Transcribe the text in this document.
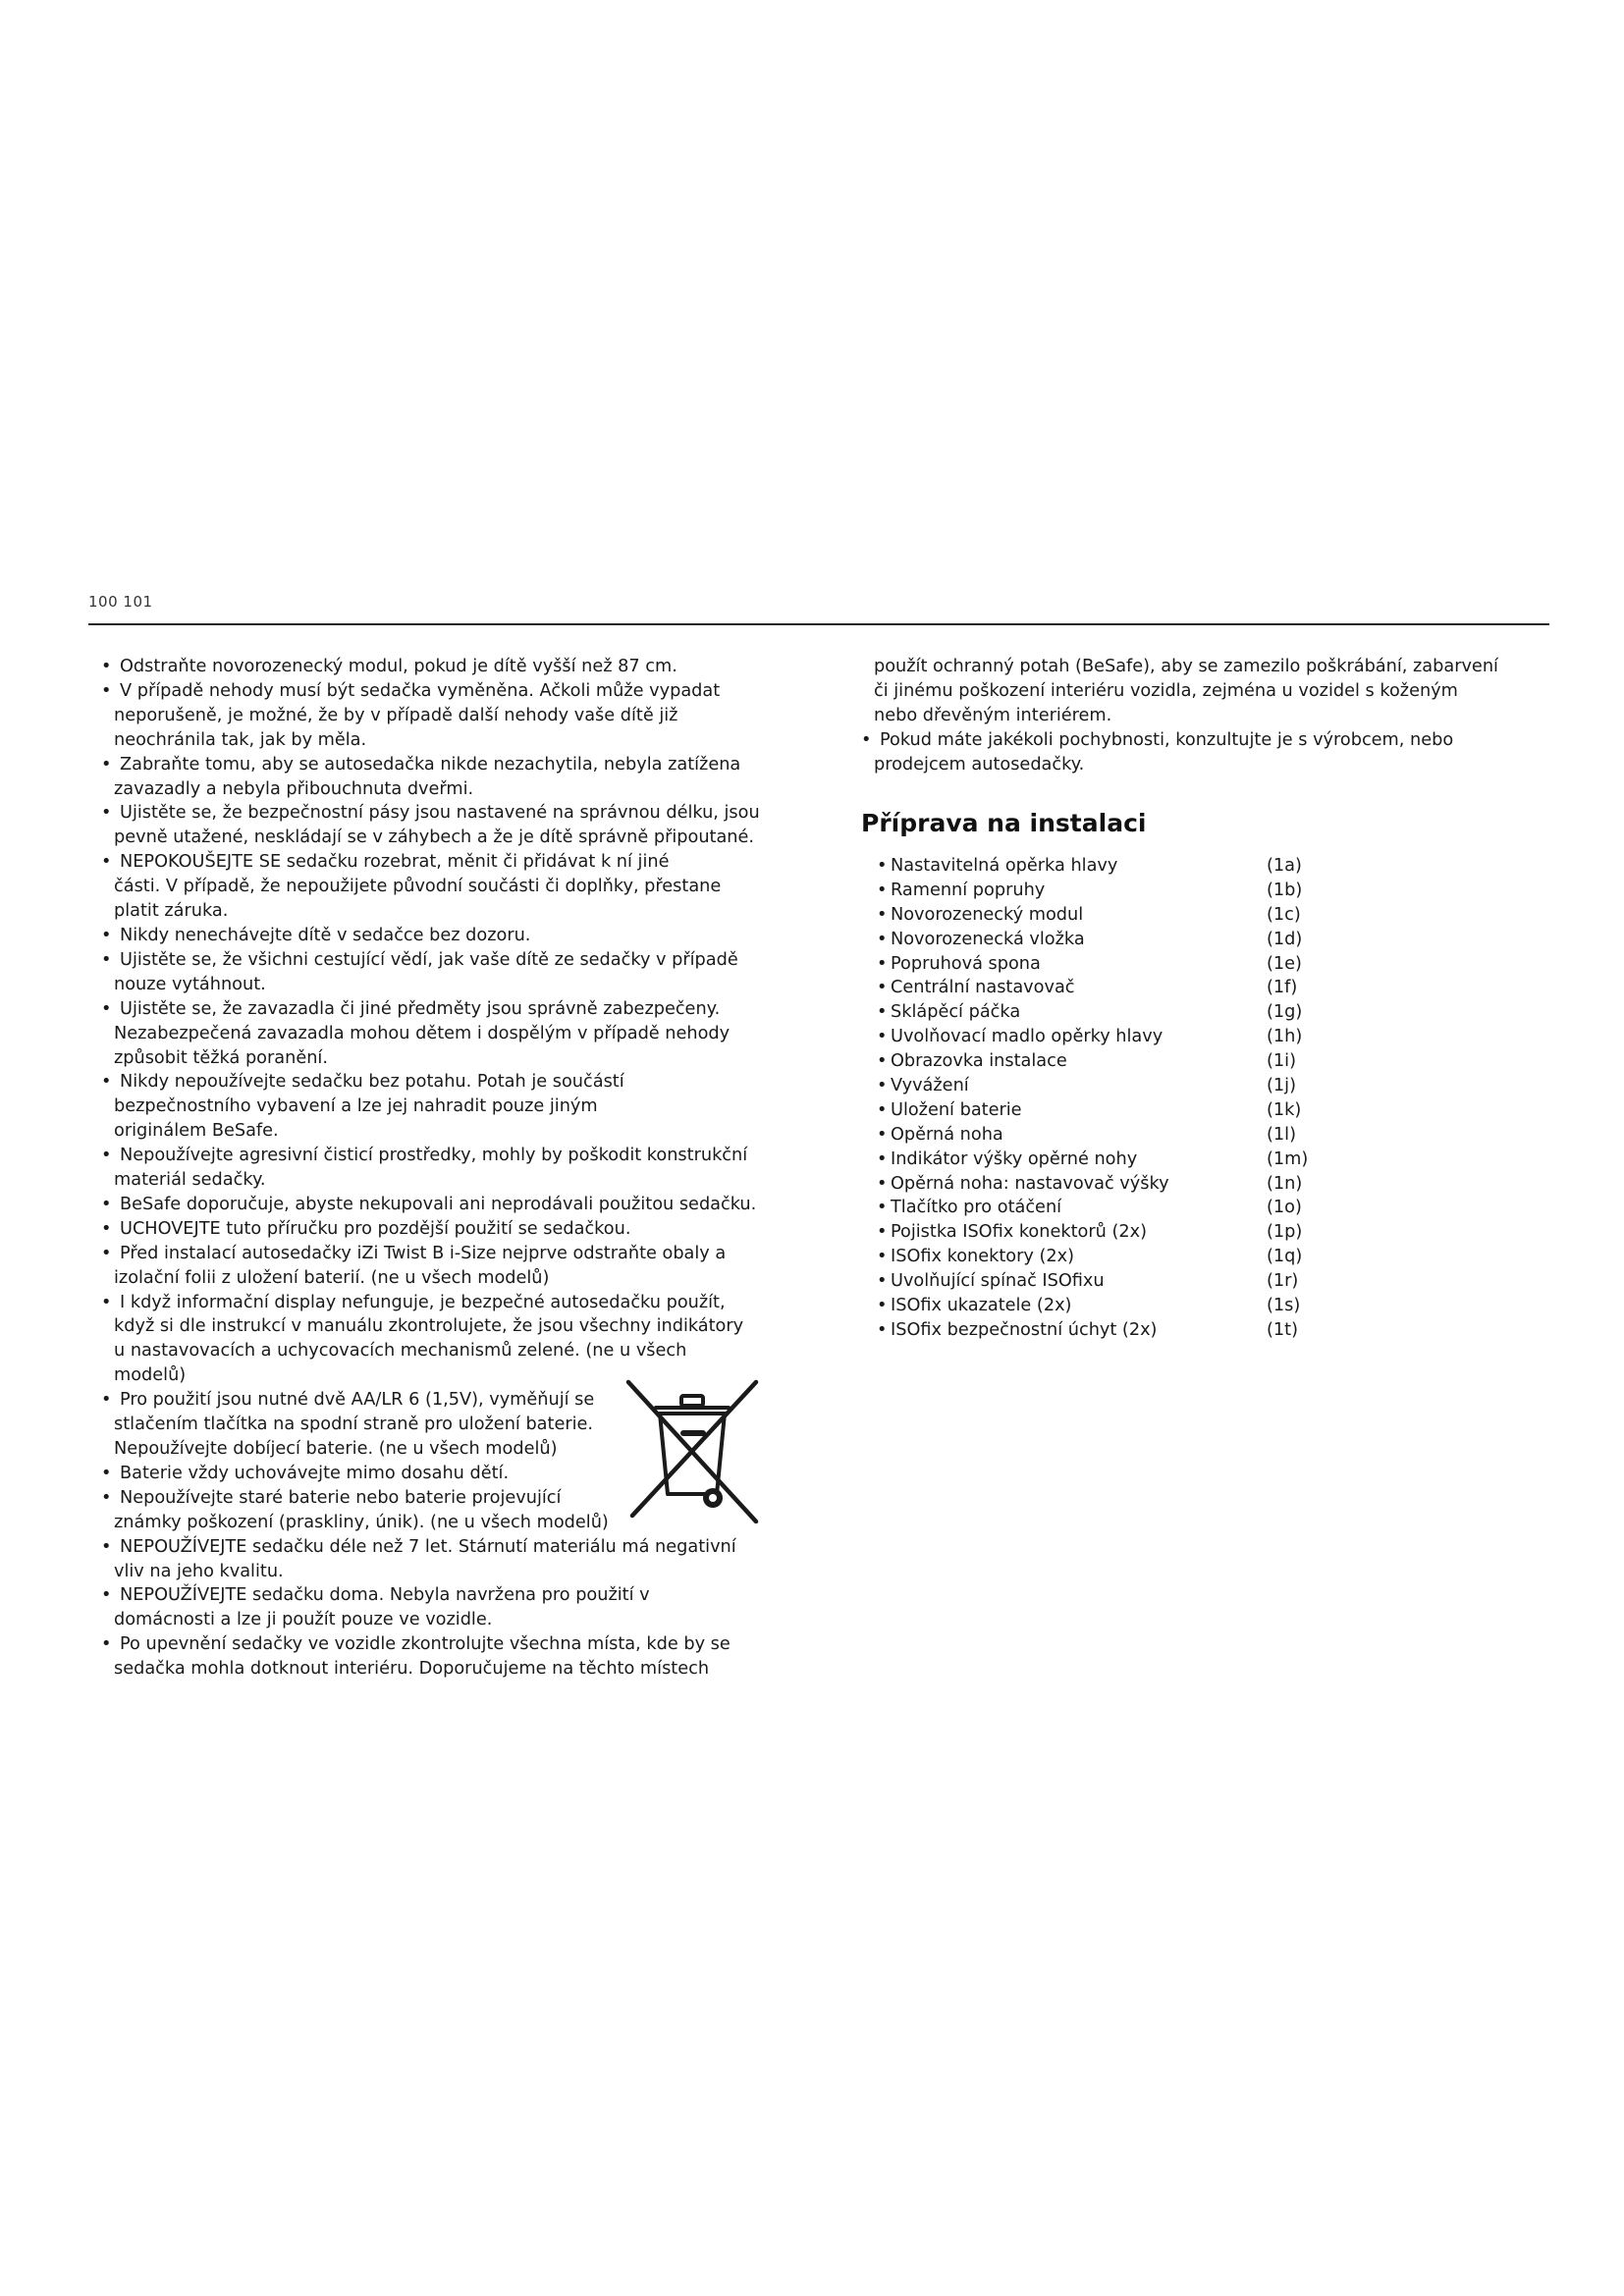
100 101
• Odstraňte novorozenecký modul, pokud je dítě vyšší než 87 cm.
• V případě nehody musí být sedačka vyměněna. Ačkoli může vypadat
neporušeně, je možné, že by v případě další nehody vaše dítě již
neochránila tak, jak by měla.
• Zabraňte tomu, aby se autosedačka nikde nezachytila, nebyla zatížena
zavazadly a nebyla přibouchnuta dveřmi.
• Ujistěte se, že bezpečnostní pásy jsou nastavené na správnou délku, jsou
pevně utažené, neskládají se v záhybech a že je dítě správně připoutané.
• NEPOKOUŠEJTE SE sedačku rozebrat, měnit či přidávat k ní jiné
části. V případě, že nepoužijete původní součásti či doplňky, přestane
platit záruka.
• Nikdy nenechávejte dítě v sedačce bez dozoru.
• Ujistěte se, že všichni cestující vědí, jak vaše dítě ze sedačky v případě
nouze vytáhnout.
• Ujistěte se, že zavazadla či jiné předměty jsou správně zabezpečeny.
Nezabezpečená zavazadla mohou dětem i dospělým v případě nehody
způsobit těžká poranění.
• Nikdy nepoužívejte sedačku bez potahu. Potah je součástí
bezpečnostního vybavení a lze jej nahradit pouze jiným
originálem BeSafe.
• Nepoužívejte agresivní čisticí prostředky, mohly by poškodit konstrukční
materiál sedačky.
• BeSafe doporučuje, abyste nekupovali ani neprodávali použitou sedačku.
• UCHOVEJTE tuto příručku pro pozdější použití se sedačkou.
• Před instalací autosedačky iZi Twist B i-Size nejprve odstraňte obaly a
izolační folii z uložení baterií. (ne u všech modelů)
• I když informační display nefunguje, je bezpečné autosedačku použít,
když si dle instrukcí v manuálu zkontrolujete, že jsou všechny indikátory
u nastavovacích a uchycovacích mechanismů zelené. (ne u všech
modelů)
• Pro použití jsou nutné dvě AA/LR 6 (1,5V), vyměňují se
stlačením tlačítka na spodní straně pro uložení baterie.
Nepoužívejte dobíjecí baterie. (ne u všech modelů)
• Baterie vždy uchovávejte mimo dosahu dětí.
• Nepoužívejte staré baterie nebo baterie projevující
známky poškození (praskliny, únik). (ne u všech modelů)
• NEPOUŽÍVEJTE sedačku déle než 7 let. Stárnutí materiálu má negativní
vliv na jeho kvalitu.
• NEPOUŽÍVEJTE sedačku doma. Nebyla navržena pro použití v
domácnosti a lze ji použít pouze ve vozidle.
• Po upevnění sedačky ve vozidle zkontrolujte všechna místa, kde by se
sedačka mohla dotknout interiéru. Doporučujeme na těchto místech
použít ochranný potah (BeSafe), aby se zamezilo poškrábání, zabarvení
či jinému poškození interiéru vozidla, zejména u vozidel s koženým
nebo dřevěným interiérem.
• Pokud máte jakékoli pochybnosti, konzultujte je s výrobcem, nebo
prodejcem autosedačky.
Příprava na instalaci
• Nastavitelná opěrka hlavy	(1a)
• Ramenní popruhy	(1b)
• Novorozenecký modul	(1c)
• Novorozenecká vložka	(1d)
• Popruhová spona	(1e)
• Centrální nastavovač	(1f)
• Sklápěcí páčka	(1g)
• Uvolňovací madlo opěrky hlavy	(1h)
• Obrazovka instalace	(1i)
• Vyvážení	(1j)
• Uložení baterie	(1k)
• Opěrná noha	(1l)
• Indikátor výšky opěrné nohy	(1m)
• Opěrná noha: nastavovač výšky	(1n)
• Tlačítko pro otáčení	(1o)
• Pojistka ISOfix konektorů (2x)	(1p)
• ISOfix konektory (2x)	(1q)
• Uvolňující spínač ISOfixu	(1r)
• ISOfix ukazatele (2x)	(1s)
• ISOfix bezpečnostní úchyt (2x)	(1t)
